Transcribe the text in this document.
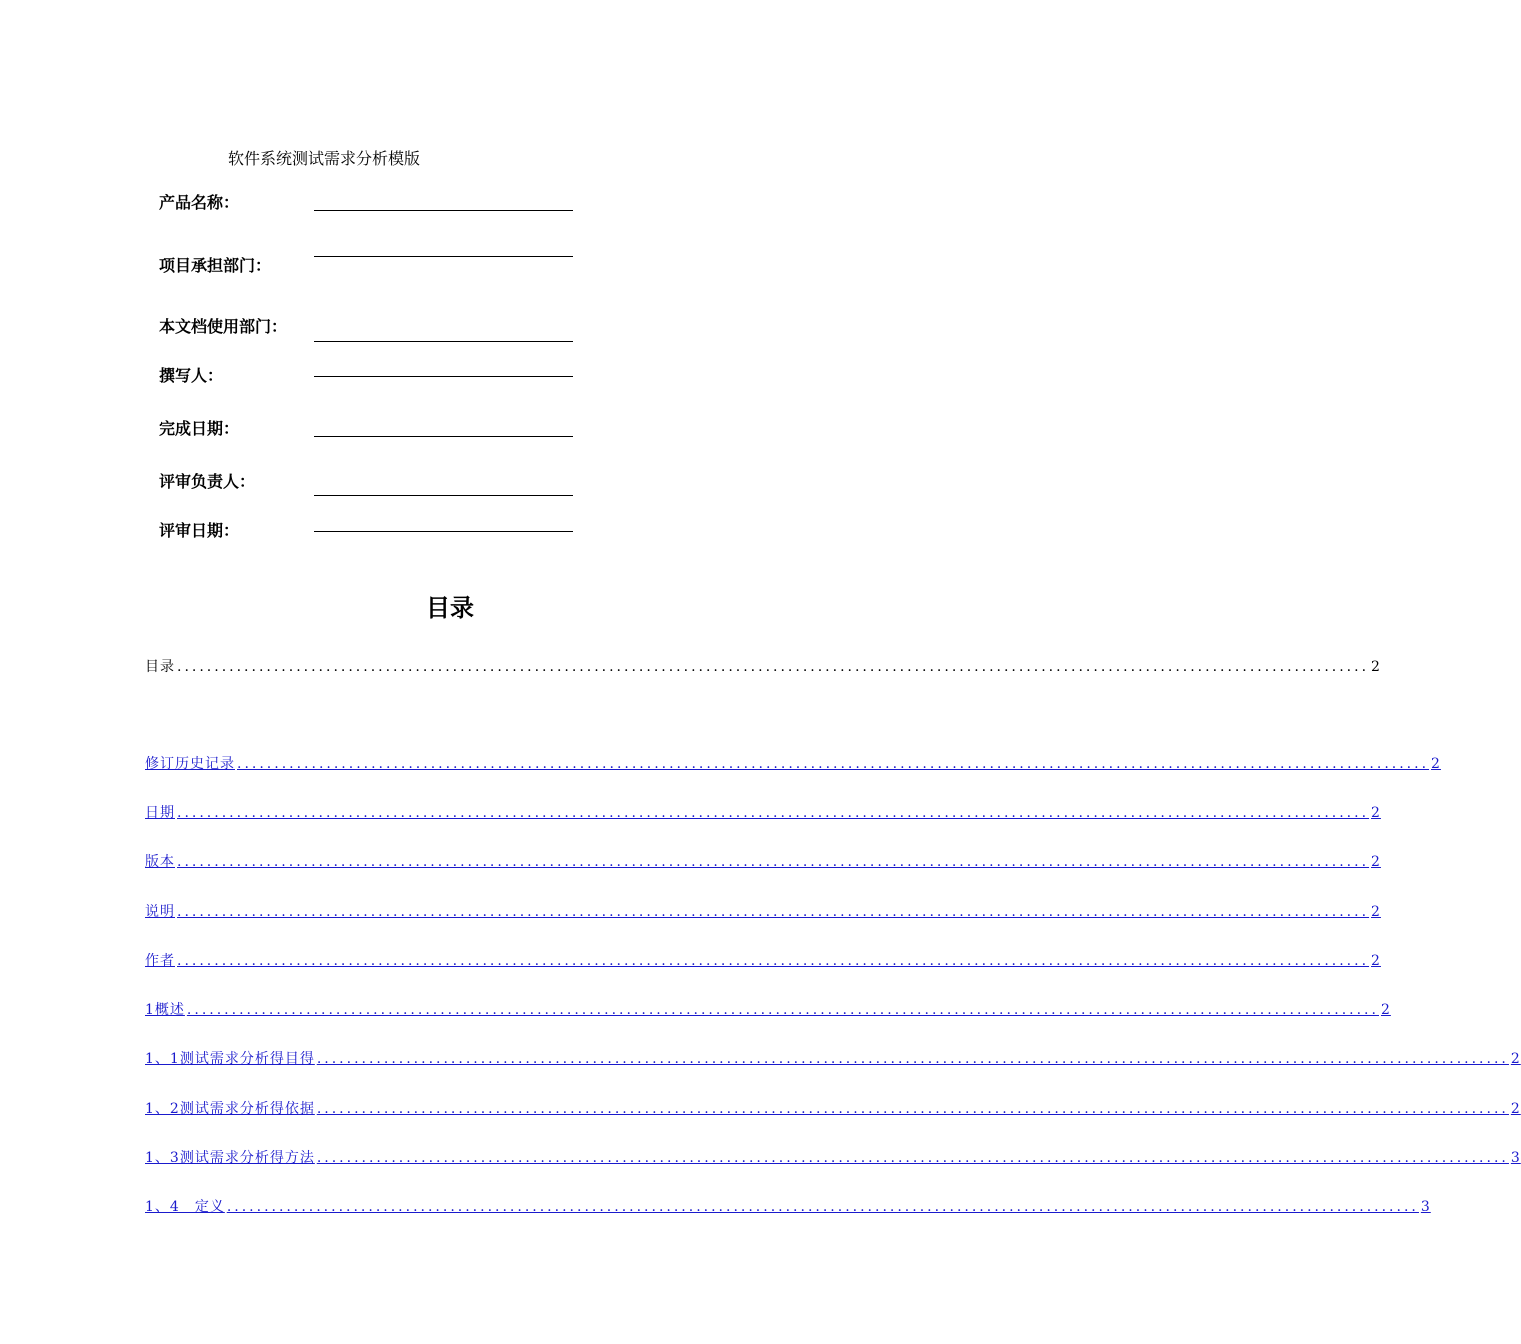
软件系统测试需求分析模版
产品名称：
项目承担部门：
本文档使用部门：
撰写人：
完成日期：
评审负责人：
评审日期：
目录
目录 ................................................................................................................................................................ 2
修订历史记录 ................................................................................................................................................................ 2
日期 ................................................................................................................................................................ 2
版本 ................................................................................................................................................................ 2
说明 ................................................................................................................................................................ 2
作者 ................................................................................................................................................................ 2
1概述 ................................................................................................................................................................ 2
1、1测试需求分析得目得 ................................................................................................................................................................ 2
1、2测试需求分析得依据 ................................................................................................................................................................ 2
1、3测试需求分析得方法 ................................................................................................................................................................ 3
1、4　定义 ................................................................................................................................................................ 3
